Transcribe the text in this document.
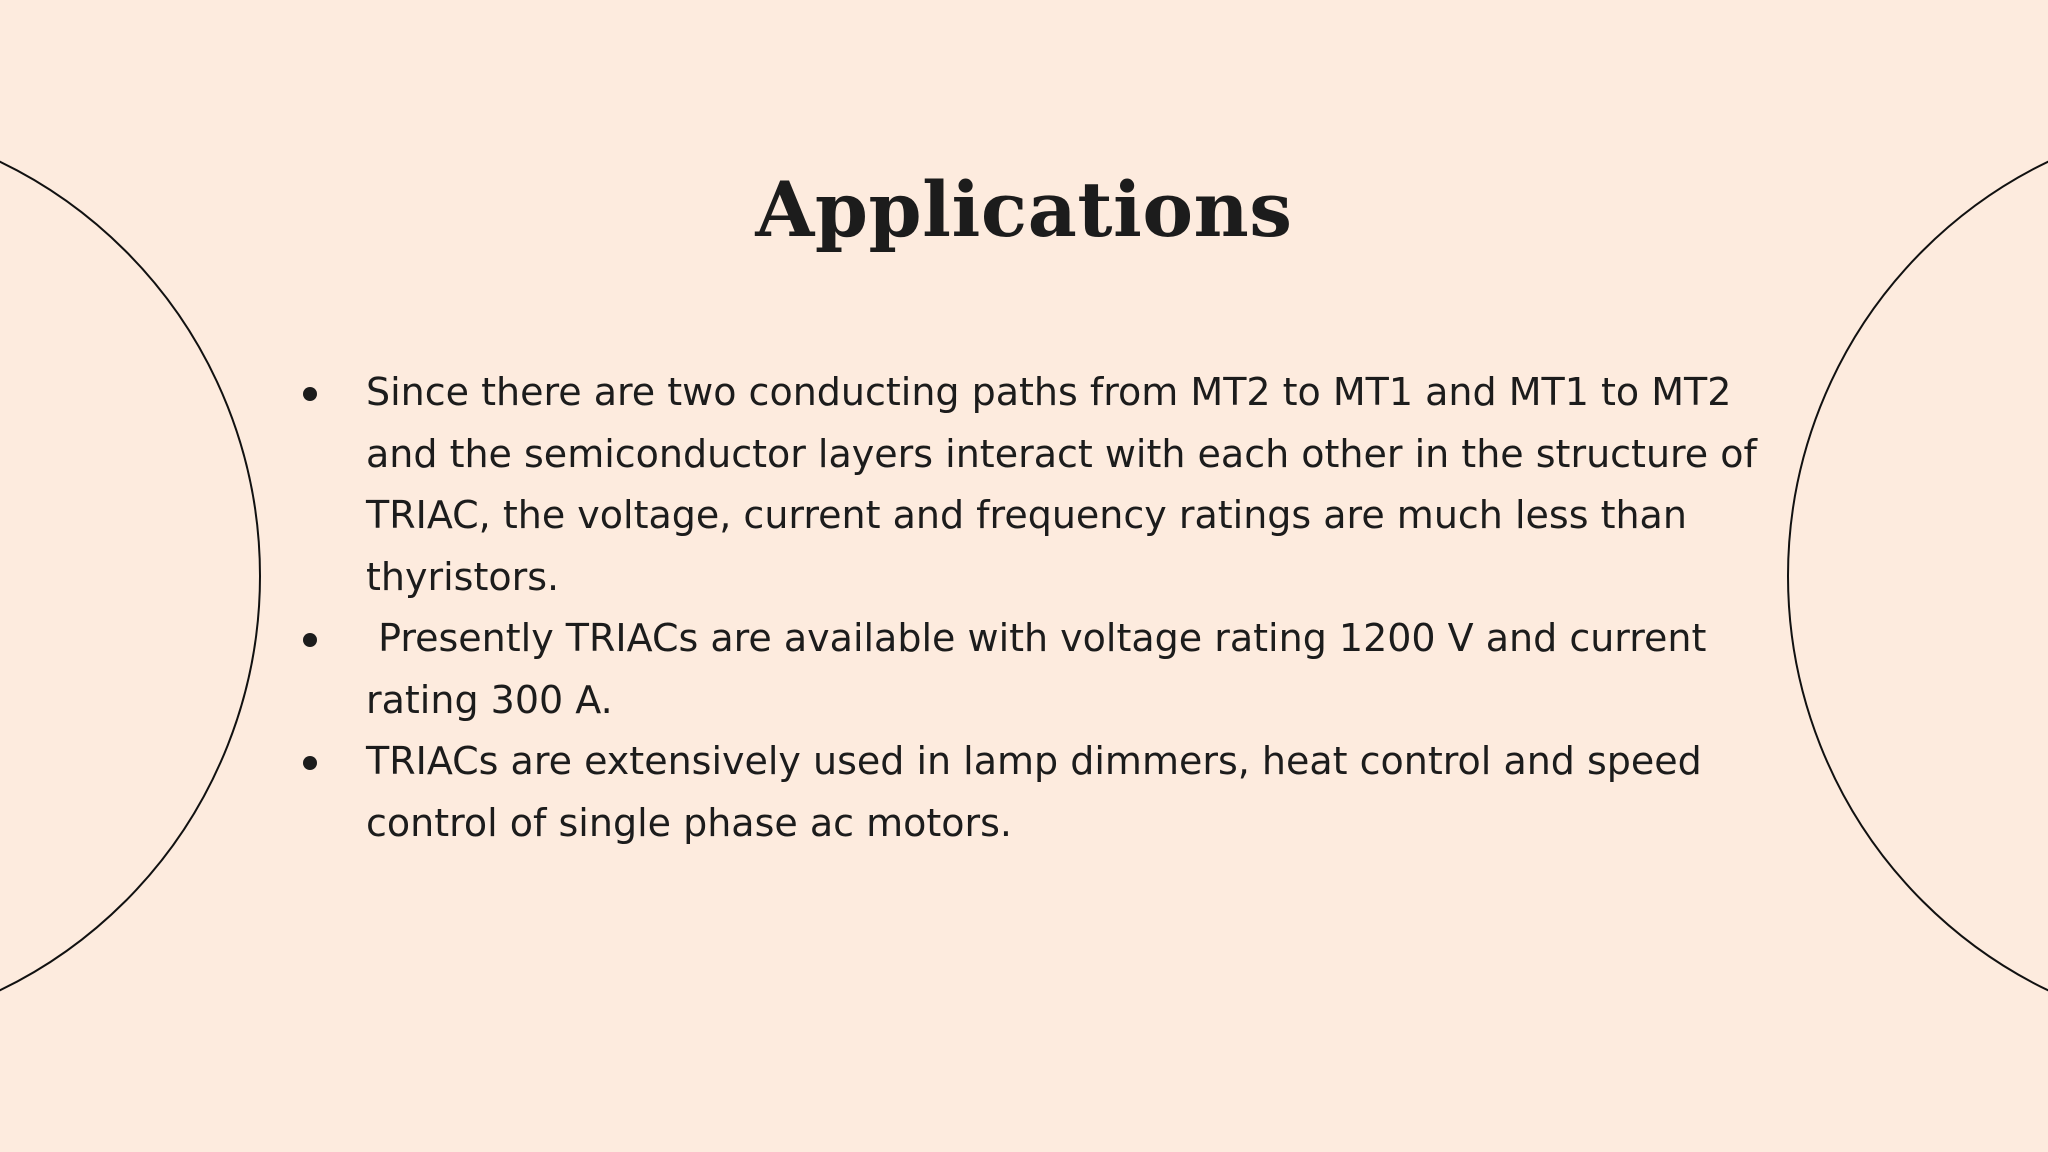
Applications
Since there are two conducting paths from MT2 to MT1 and MT1 to MT2 and the semiconductor layers interact with each other in the structure of TRIAC, the voltage, current and frequency ratings are much less than thyristors.
Presently TRIACs are available with voltage rating 1200 V and current rating 300 A.
TRIACs are extensively used in lamp dimmers, heat control and speed control of single phase ac motors.
